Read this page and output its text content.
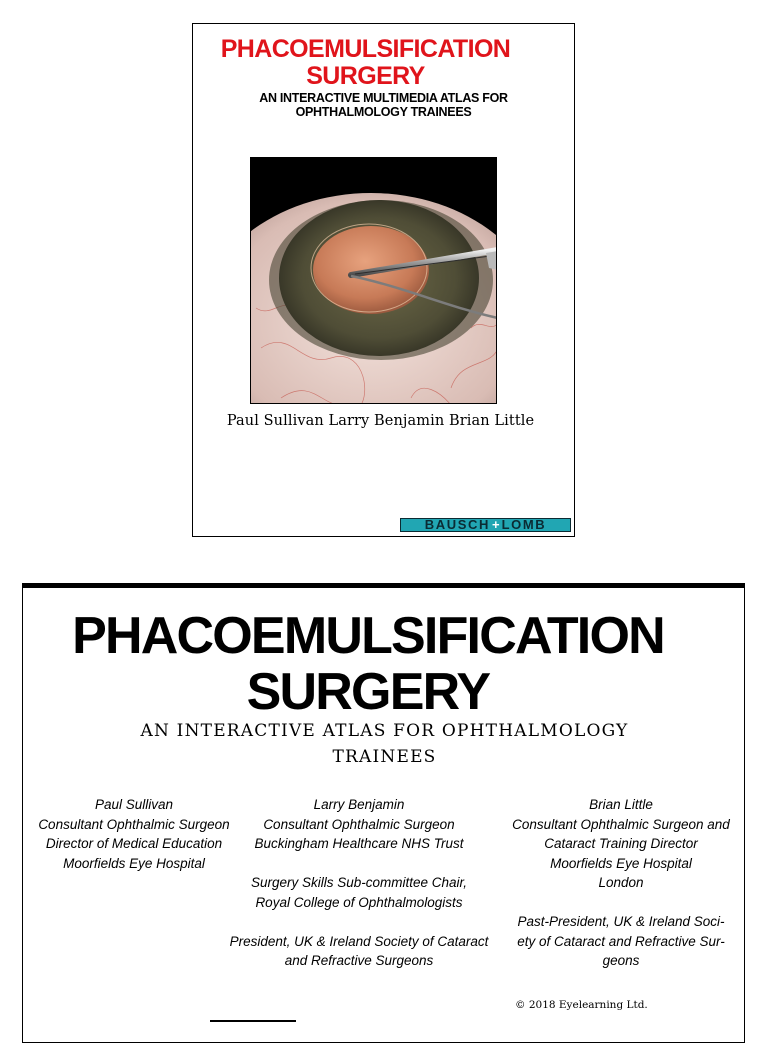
PHACOEMULSIFICATION
SURGERY
AN INTERACTIVE MULTIMEDIA ATLAS FOR
OPHTHALMOLOGY TRAINEES
Paul Sullivan Larry Benjamin Brian Little
BAUSCH + LOMB
PHACOEMULSIFICATION
SURGERY
AN INTERACTIVE ATLAS FOR OPHTHALMOLOGY
TRAINEES
Paul Sullivan
Consultant Ophthalmic Surgeon
Director of Medical Education
Moorfields Eye Hospital
Larry Benjamin
Consultant Ophthalmic Surgeon
Buckingham Healthcare NHS Trust
Surgery Skills Sub-committee Chair,
Royal College of Ophthalmologists
President, UK & Ireland Society of Cataract
and Refractive Surgeons
Brian Little
Consultant Ophthalmic Surgeon and
Cataract Training Director
Moorfields Eye Hospital
London
Past-President, UK & Ireland Soci-
ety of Cataract and Refractive Sur-
geons
© 2018 Eyelearning Ltd.
